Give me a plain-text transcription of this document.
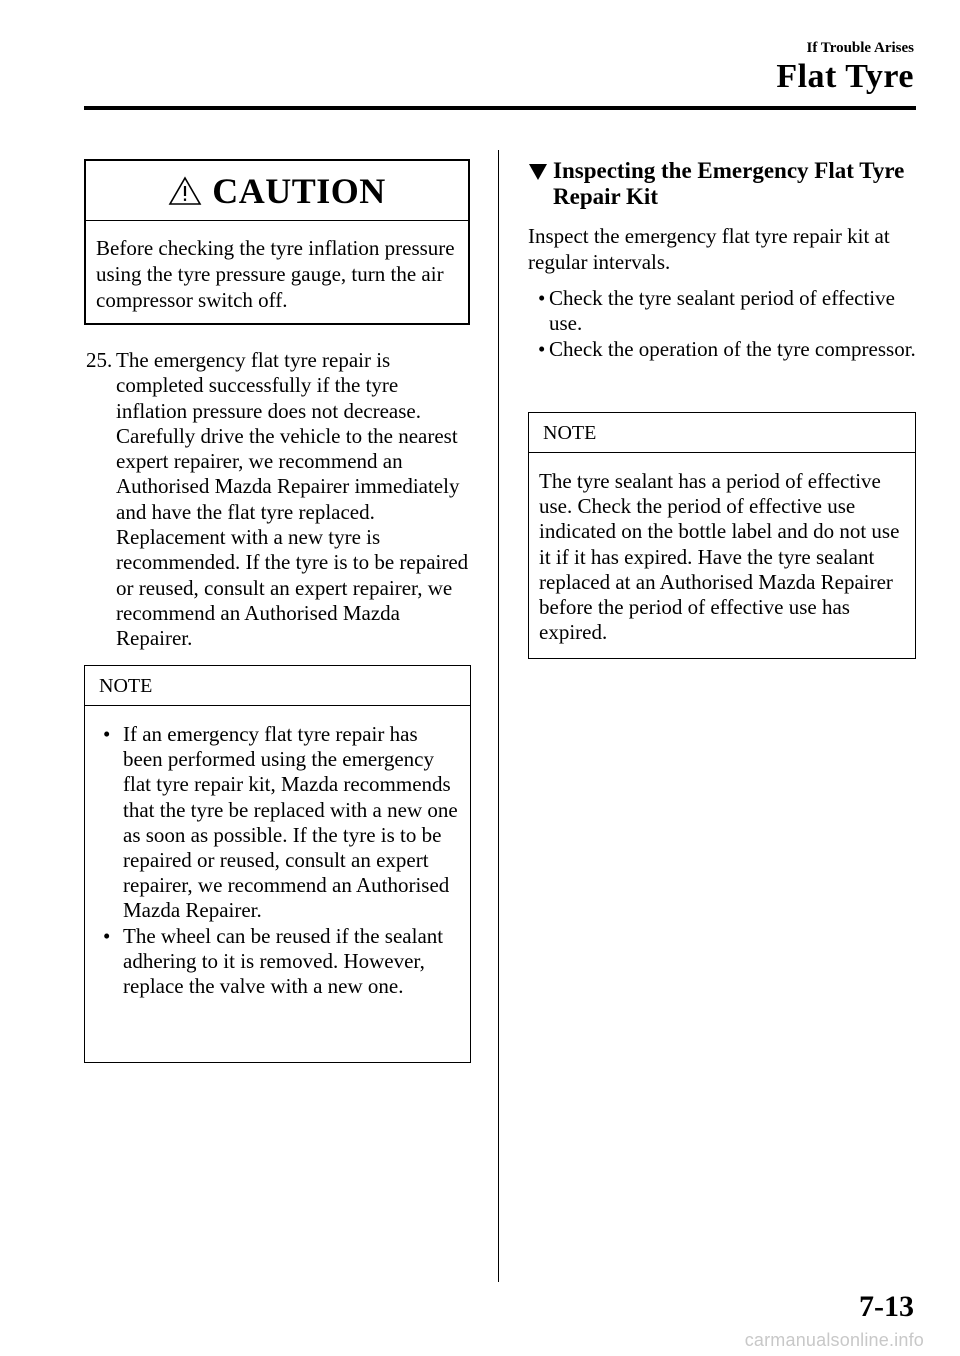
If Trouble Arises
Flat Tyre
CAUTION
Before checking the tyre inflation pressure using the tyre pressure gauge, turn the air compressor switch off.
25. The emergency flat tyre repair is completed successfully if the tyre inflation pressure does not decrease. Carefully drive the vehicle to the nearest expert repairer, we recommend an Authorised Mazda Repairer immediately and have the flat tyre replaced. Replacement with a new tyre is recommended. If the tyre is to be repaired or reused, consult an expert repairer, we recommend an Authorised Mazda Repairer.
NOTE
• If an emergency flat tyre repair has been performed using the emergency flat tyre repair kit, Mazda recommends that the tyre be replaced with a new one as soon as possible. If the tyre is to be repaired or reused, consult an expert repairer, we recommend an Authorised Mazda Repairer.
• The wheel can be reused if the sealant adhering to it is removed. However, replace the valve with a new one.
Inspecting the Emergency Flat Tyre Repair Kit
Inspect the emergency flat tyre repair kit at regular intervals.
• Check the tyre sealant period of effective use.
• Check the operation of the tyre compressor.
NOTE
The tyre sealant has a period of effective use. Check the period of effective use indicated on the bottle label and do not use it if it has expired. Have the tyre sealant replaced at an Authorised Mazda Repairer before the period of effective use has expired.
7-13
carmanualsonline.info
